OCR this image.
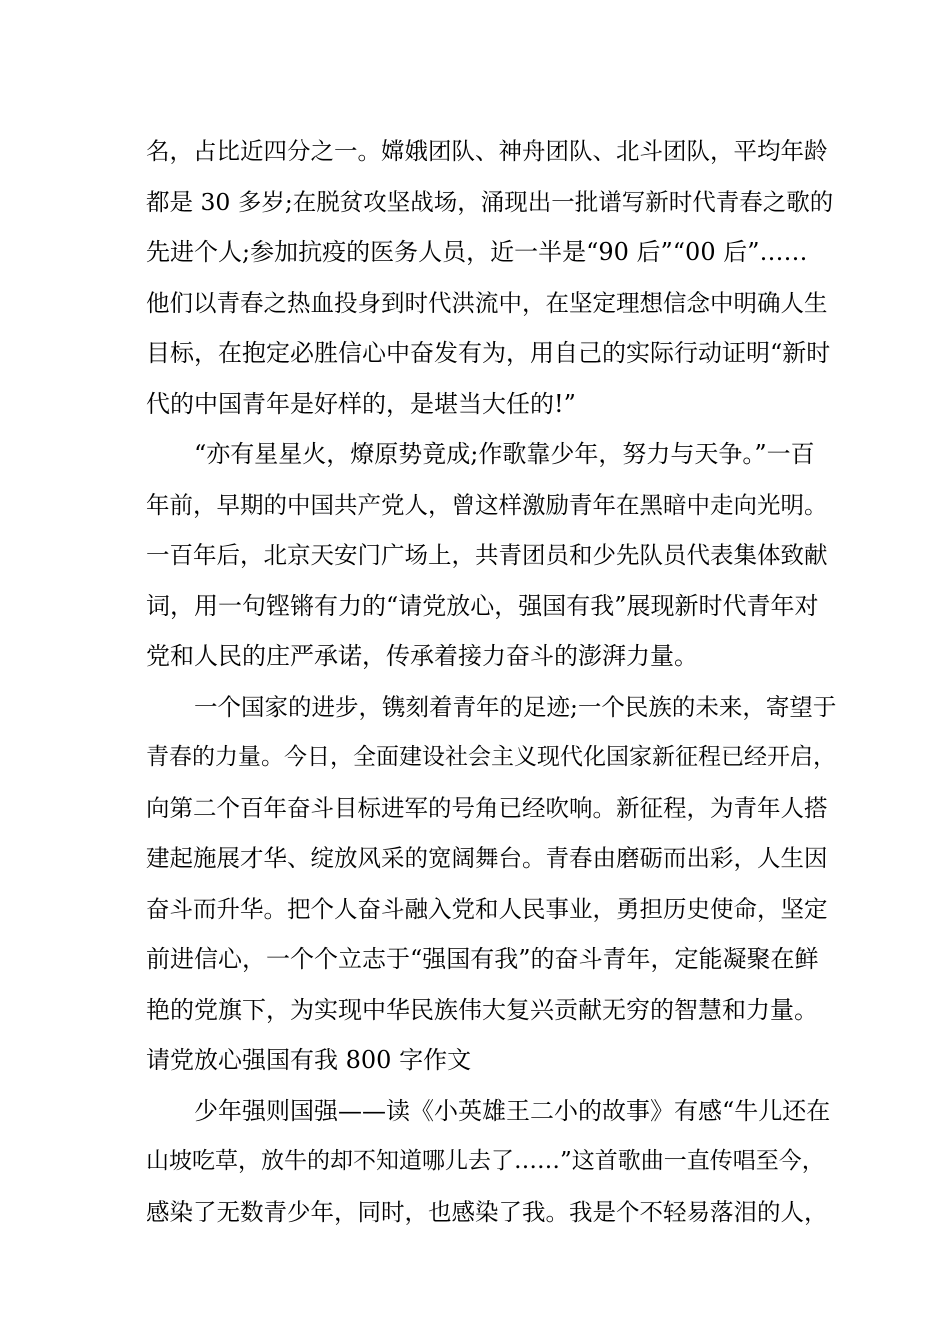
名，占比近四分之一。嫦娥团队、神舟团队、北斗团队，平均年龄
都是 30 多岁;在脱贫攻坚战场，涌现出一批谱写新时代青春之歌的
先进个人;参加抗疫的医务人员，近一半是“90 后”“00 后”……
他们以青春之热血投身到时代洪流中，在坚定理想信念中明确人生
目标，在抱定必胜信心中奋发有为，用自己的实际行动证明“新时
代的中国青年是好样的，是堪当大任的!”
“亦有星星火，燎原势竟成;作歌靠少年，努力与天争。”一百
年前，早期的中国共产党人，曾这样激励青年在黑暗中走向光明。
一百年后，北京天安门广场上，共青团员和少先队员代表集体致献
词，用一句铿锵有力的“请党放心，强国有我”展现新时代青年对
党和人民的庄严承诺，传承着接力奋斗的澎湃力量。
一个国家的进步，镌刻着青年的足迹;一个民族的未来，寄望于
青春的力量。今日，全面建设社会主义现代化国家新征程已经开启，
向第二个百年奋斗目标进军的号角已经吹响。新征程，为青年人搭
建起施展才华、绽放风采的宽阔舞台。青春由磨砺而出彩，人生因
奋斗而升华。把个人奋斗融入党和人民事业，勇担历史使命，坚定
前进信心，一个个立志于“强国有我”的奋斗青年，定能凝聚在鲜
艳的党旗下，为实现中华民族伟大复兴贡献无穷的智慧和力量。
请党放心强国有我 800 字作文
少年强则国强——读《小英雄王二小的故事》有感“牛儿还在
山坡吃草，放牛的却不知道哪儿去了……”这首歌曲一直传唱至今，
感染了无数青少年，同时，也感染了我。我是个不轻易落泪的人，
